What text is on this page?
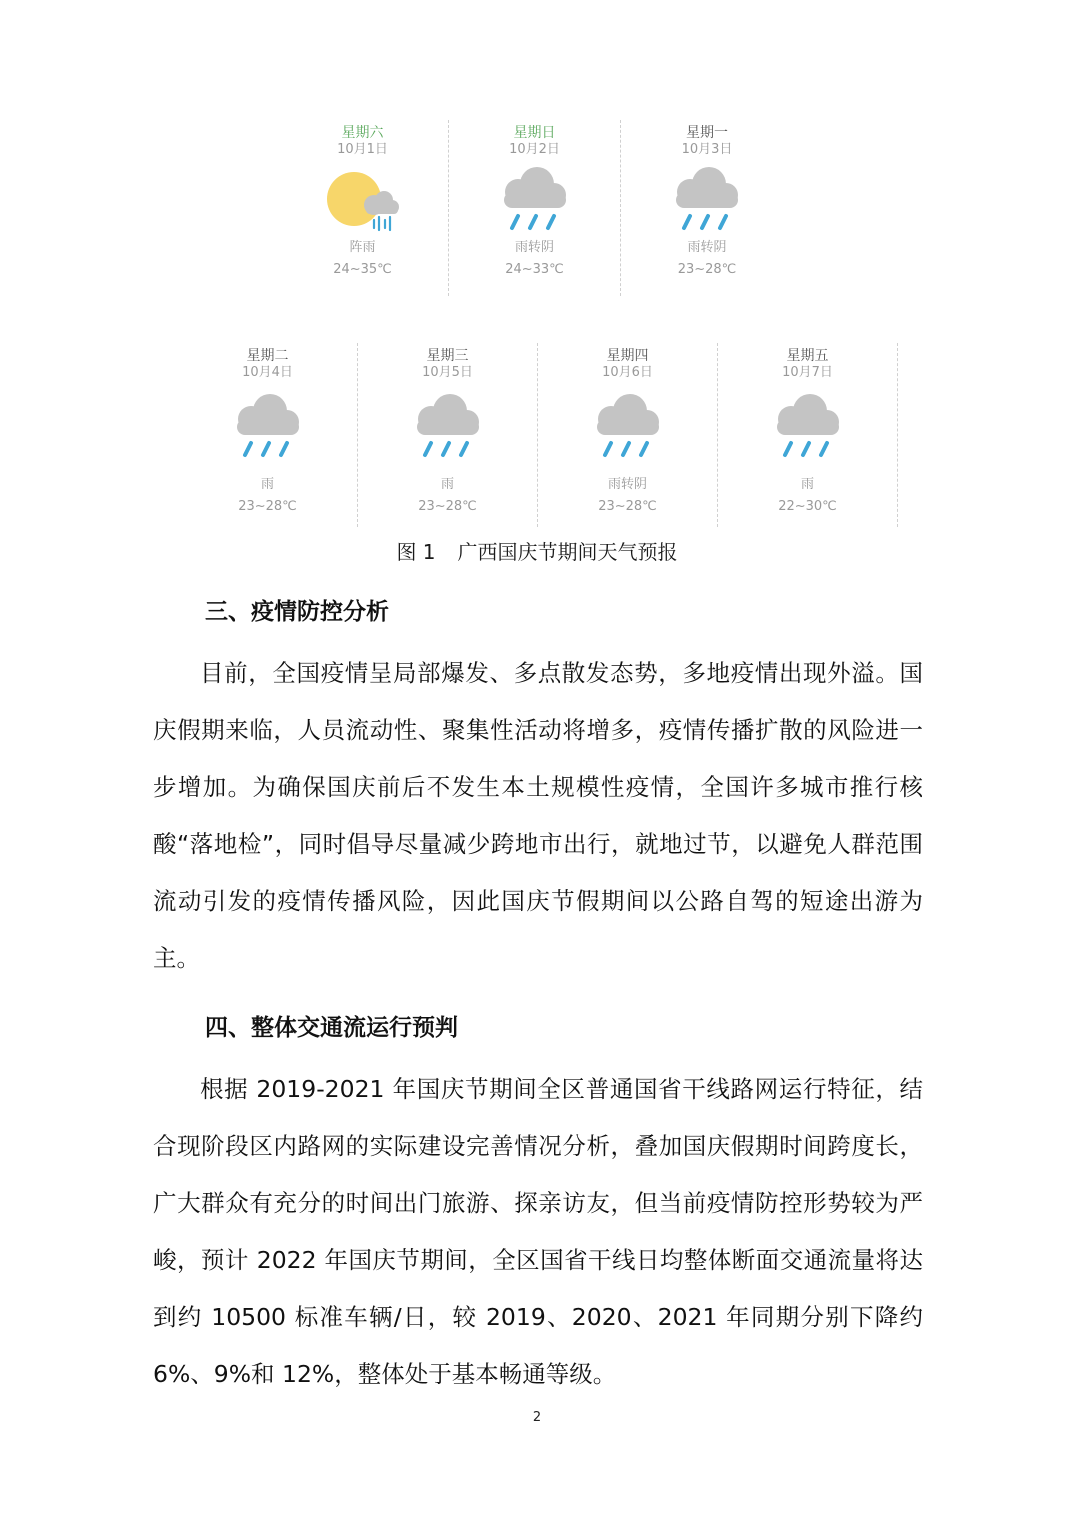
星期六
10月1日
阵雨
24~35℃
星期日
10月2日
雨转阴
24~33℃
星期一
10月3日
雨转阴
23~28℃
星期二
10月4日
雨
23~28℃
星期三
10月5日
雨
23~28℃
星期四
10月6日
雨转阴
23~28℃
星期五
10月7日
雨
22~30℃
图 1 广西国庆节期间天气预报
三、疫情防控分析

目前，全国疫情呈局部爆发、多点散发态势，多地疫情出现外溢。国庆假期来临，人员流动性、聚集性活动将增多，疫情传播扩散的风险进一步增加。为确保国庆前后不发生本土规模性疫情，全国许多城市推行核酸“落地检”，同时倡导尽量减少跨地市出行，就地过节，以避免人群范围流动引发的疫情传播风险，因此国庆节假期间以公路自驾的短途出游为主。

四、整体交通流运行预判

根据 2019-2021 年国庆节期间全区普通国省干线路网运行特征，结合现阶段区内路网的实际建设完善情况分析，叠加国庆假期时间跨度长，广大群众有充分的时间出门旅游、探亲访友，但当前疫情防控形势较为严峻，预计 2022 年国庆节期间，全区国省干线日均整体断面交通流量将达到约 10500 标准车辆/日，较 2019、2020、2021 年同期分别下降约 6%、9%和 12%，整体处于基本畅通等级。

2
